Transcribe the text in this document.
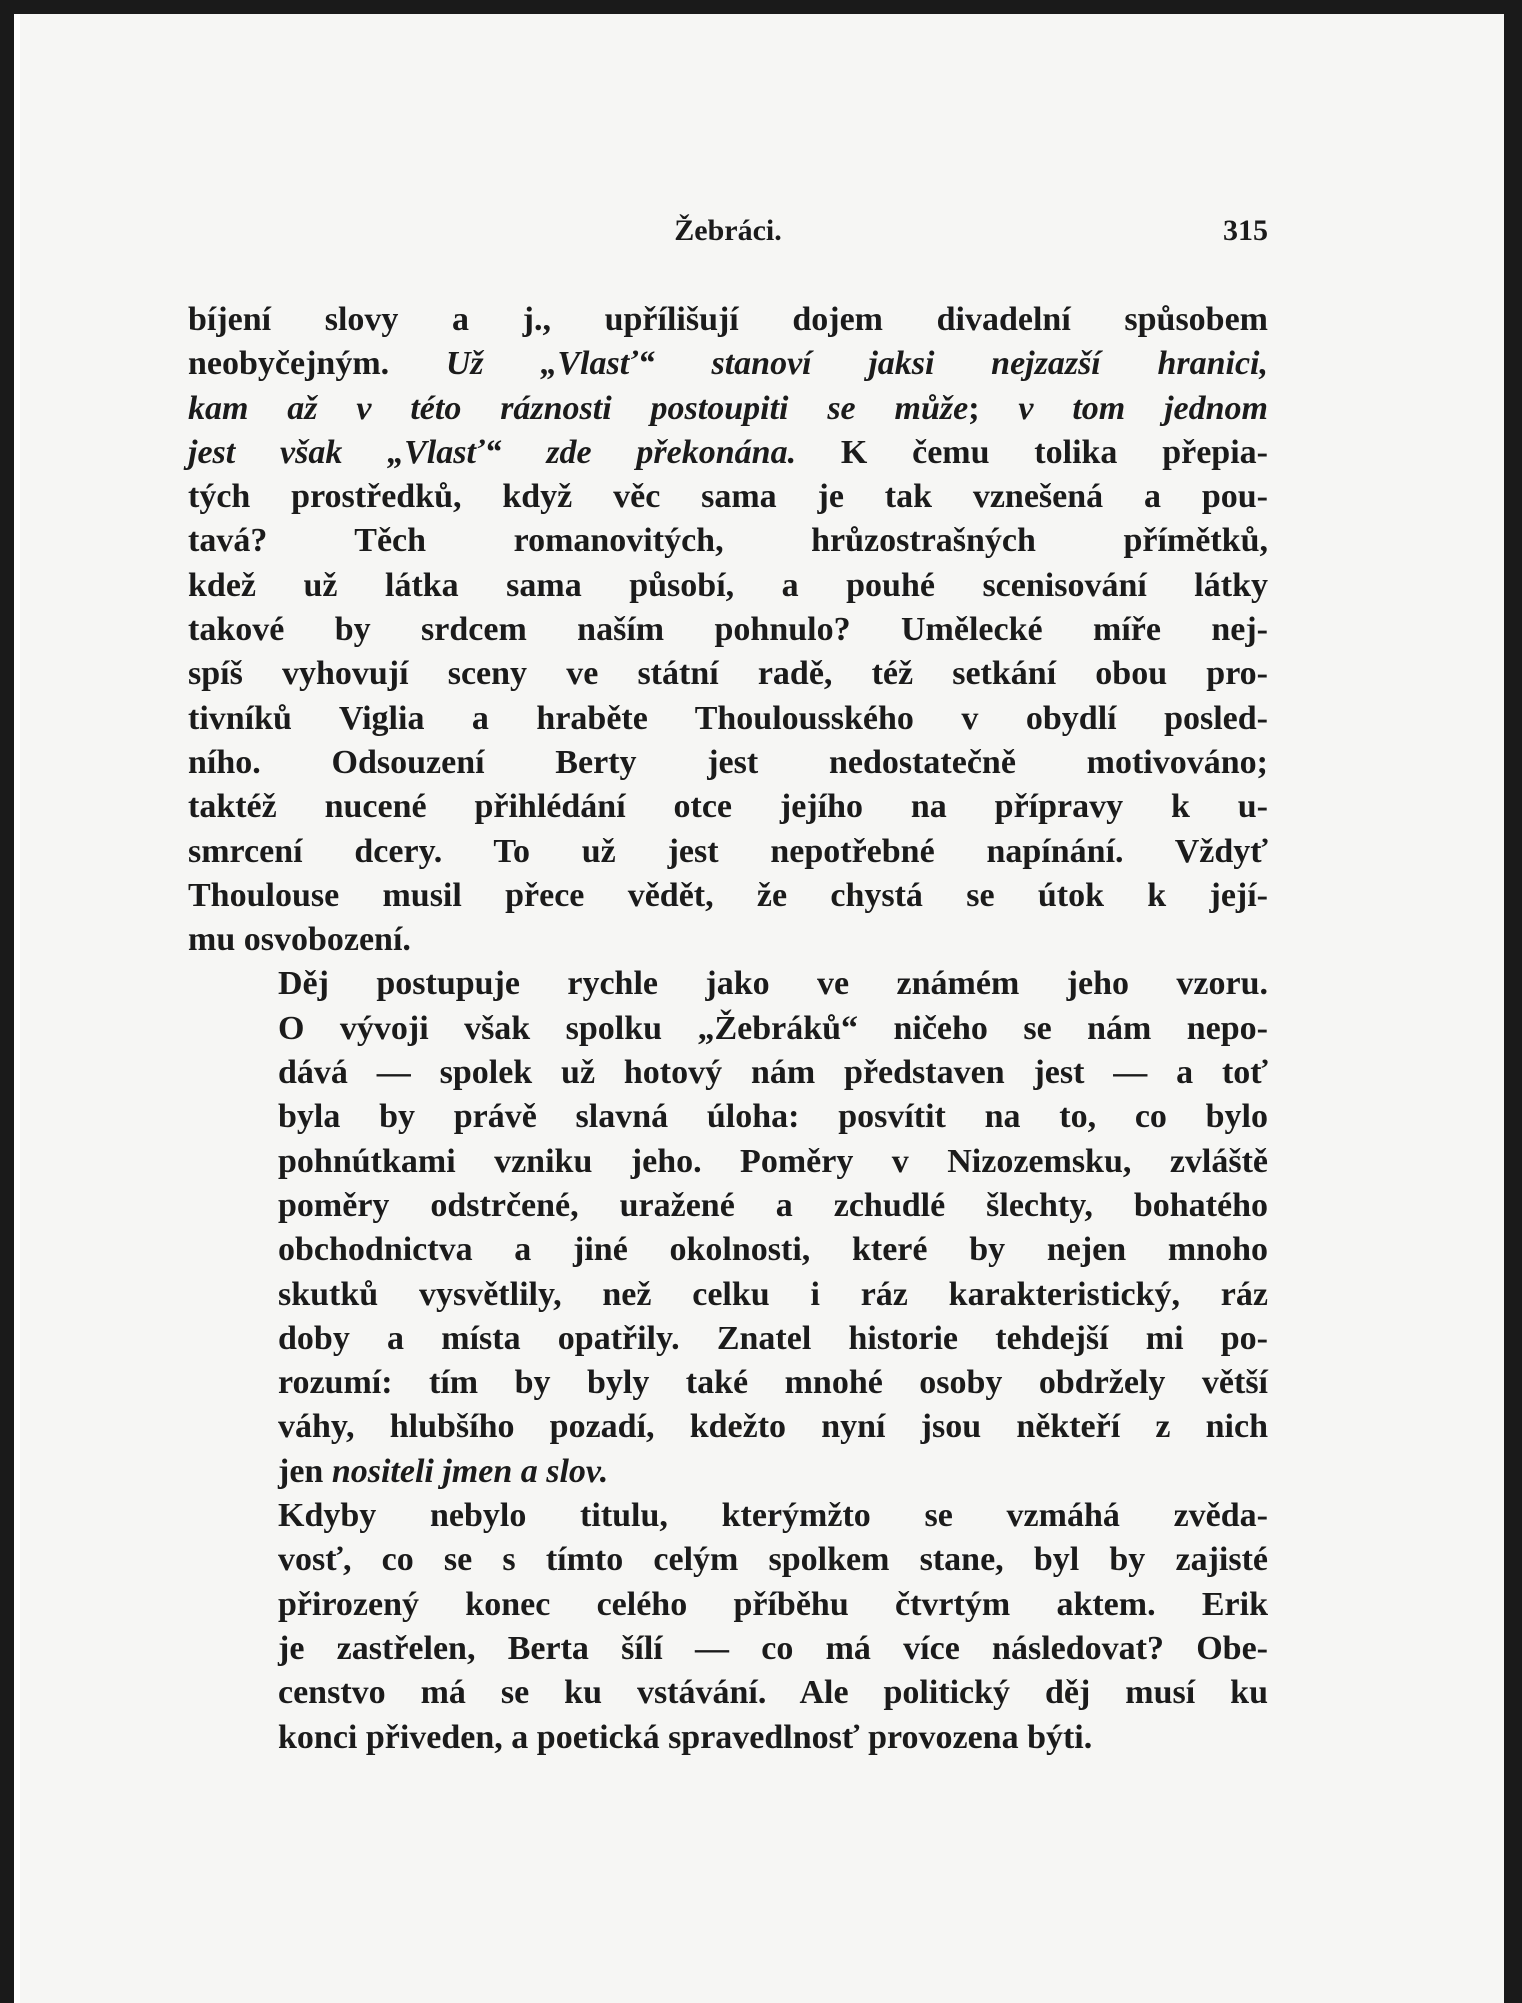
Žebráci.	315

bíjení slovy a j., upřílišují dojem divadelní spůsobem
neobyčejným. Už „Vlasť“ stanoví jaksi nejzazší hranici,
kam až v této ráznosti postoupiti se může; v tom jednom
jest však „Vlasť“ zde překonána. K čemu tolika přepia-
tých prostředků, když věc sama je tak vznešená a pou-
tavá? Těch romanovitých, hrůzostrašných přímětků,
kdež už látka sama působí, a pouhé scenisování látky
takové by srdcem naším pohnulo? Umělecké míře nej-
spíš vyhovují sceny ve státní radě, též setkání obou pro-
tivníků Viglia a hraběte Thoulousského v obydlí posled-
ního. Odsouzení Berty jest nedostatečně motivováno;
taktéž nucené přihlédání otce jejího na přípravy k u-
smrcení dcery. To už jest nepotřebné napínání. Vždyť
Thoulouse musil přece vědět, že chystá se útok k její-
mu osvobození.

Děj postupuje rychle jako ve známém jeho vzoru.
O vývoji však spolku „Žebráků“ ničeho se nám nepo-
dává — spolek už hotový nám představen jest — a toť
byla by právě slavná úloha: posvítit na to, co bylo
pohnútkami vzniku jeho. Poměry v Nizozemsku, zvláště
poměry odstrčené, uražené a zchudlé šlechty, bohatého
obchodnictva a jiné okolnosti, které by nejen mnoho
skutků vysvětlily, než celku i ráz karakteristický, ráz
doby a místa opatřily. Znatel historie tehdejší mi po-
rozumí: tím by byly také mnohé osoby obdržely větší
váhy, hlubšího pozadí, kdežto nyní jsou někteří z nich
jen nositeli jmen a slov.

Kdyby nebylo titulu, kterýmžto se vzmáhá zvěda-
vosť, co se s tímto celým spolkem stane, byl by zajisté
přirozený konec celého příběhu čtvrtým aktem. Erik
je zastřelen, Berta šílí — co má více následovat? Obe-
censtvo má se ku vstávání. Ale politický děj musí ku
konci přiveden, a poetická spravedlnosť provozena býti.
